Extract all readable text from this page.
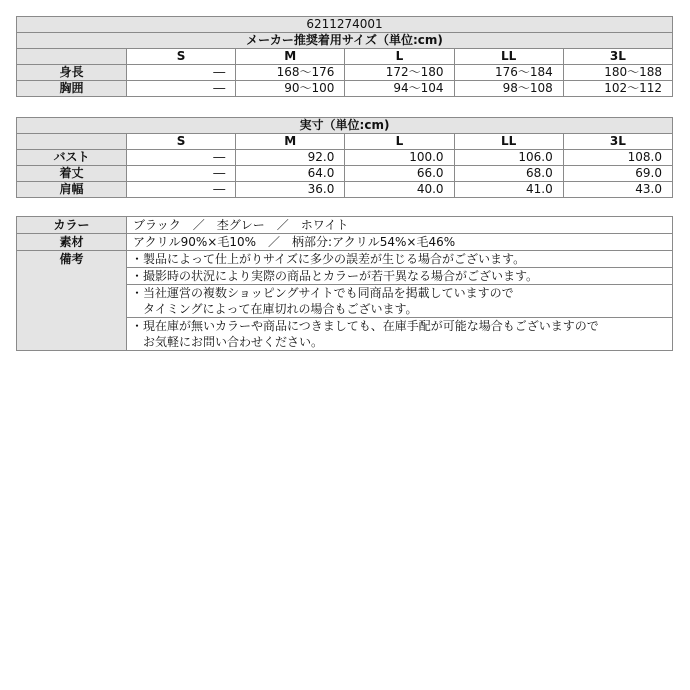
6211274001					
メーカー推奨着用サイズ（単位:cm)					
	S	M	L	LL	3L
身長	―	168～176	172～180	176～184	180～188
胸囲	―	90～100	94～104	98～108	102～112
実寸（単位:cm)					
	S	M	L	LL	3L
バスト	―	92.0	100.0	106.0	108.0
着丈	―	64.0	66.0	68.0	69.0
肩幅	―	36.0	40.0	41.0	43.0
カラー	ブラック　／　杢グレー　／　ホワイト
素材	アクリル90%×毛10%　／　柄部分:アクリル54%×毛46%
備考	・製品によって仕上がりサイズに多少の誤差が生じる場合がございます。
	・撮影時の状況により実際の商品とカラーが若干異なる場合がございます。

	・当社運営の複数ショッピングサイトでも同商品を掲載していますので
　タイミングによって在庫切れの場合もございます。

	・現在庫が無いカラーや商品につきましても、在庫手配が可能な場合もございますので
　お気軽にお問い合わせください。
